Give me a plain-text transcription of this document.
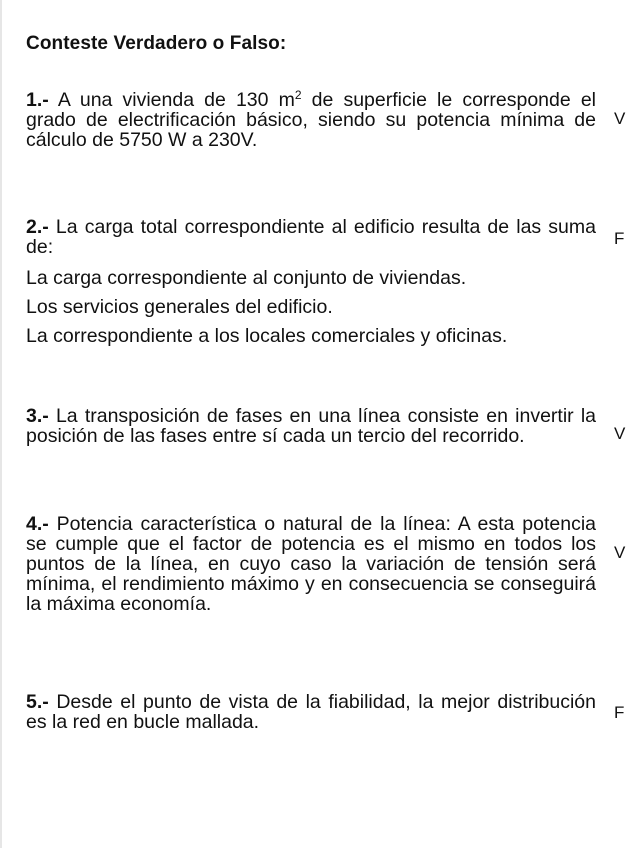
Conteste Verdadero o Falso:
1.- A una vivienda de 130 $m^2$ de superficie le corresponde el grado de electrificación básico, siendo su potencia mínima de cálculo de 5750 W a 230V.
V
2.- La carga total correspondiente al edificio resulta de las suma de:
La carga correspondiente al conjunto de viviendas.
Los servicios generales del edificio.
La correspondiente a los locales comerciales y oficinas.
F
3.- La transposición de fases en una línea consiste en invertir la posición de las fases entre sí cada un tercio del recorrido.	V
4.- Potencia característica o natural de la línea: A esta potencia se cumple que el factor de potencia es el mismo en todos los puntos de la línea, en cuyo caso la variación de tensión será mínima, el rendimiento máximo y en consecuencia se conseguirá la máxima economía.
V
5.- Desde el punto de vista de la fiabilidad, la mejor distribución es la red en bucle mallada.	F
